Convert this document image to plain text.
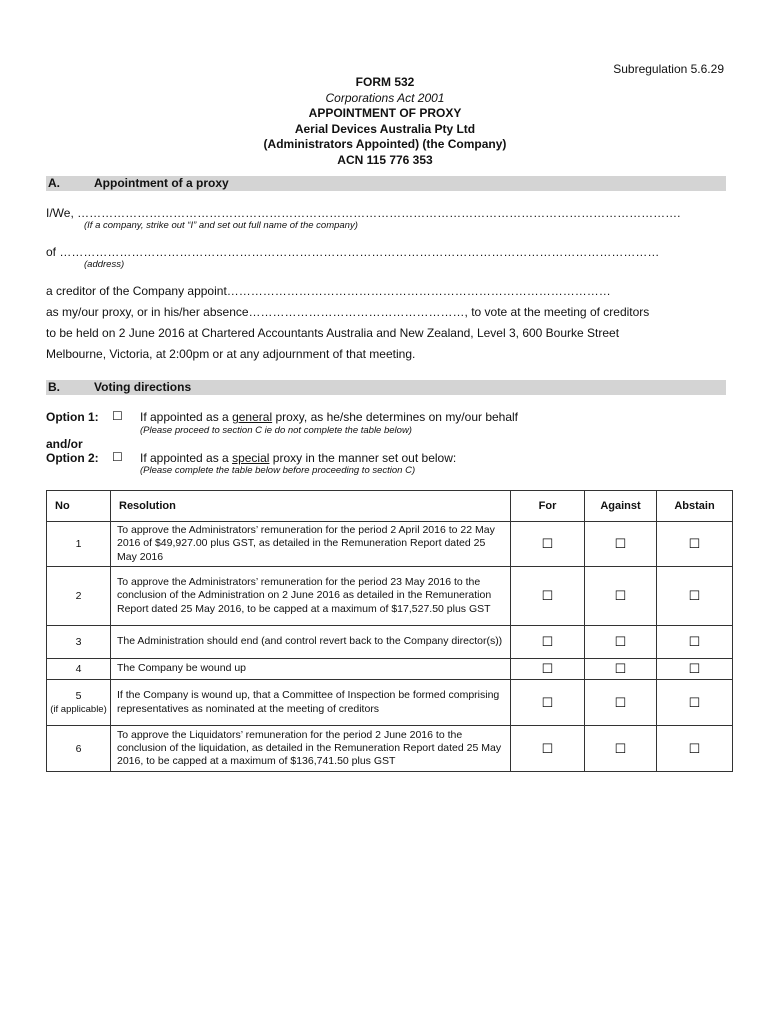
Subregulation 5.6.29
FORM 532
Corporations Act 2001
APPOINTMENT OF PROXY
Aerial Devices Australia Pty Ltd
(Administrators Appointed) (the Company)
ACN 115 776 353
A.	Appointment of a proxy
I/We, …………………………………………………………………………………………………………………………………….
(If a company, strike out “I” and set out full name of the company)
of ……………………………………………………………………………………………………………………………………
(address)
a creditor of the Company appoint……………………………………………………………………………………
as my/our proxy, or in his/her absence………………………………………………, to vote at the meeting of creditors
to be held on 2 June 2016 at Chartered Accountants Australia and New Zealand, Level 3, 600 Bourke Street
Melbourne, Victoria, at 2:00pm or at any adjournment of that meeting.
B.	Voting directions
Option 1: ☐ If appointed as a general proxy, as he/she determines on my/our behalf
(Please proceed to section C ie do not complete the table below)
and/or
Option 2: ☐ If appointed as a special proxy in the manner set out below:
(Please complete the table below before proceeding to section C)
No	Resolution	For	Against	Abstain
1	To approve the Administrators’ remuneration for the period 2 April 2016 to 22 May 2016 of $49,927.00 plus GST, as detailed in the Remuneration Report dated 25 May 2016	☐	☐	☐
2	To approve the Administrators’ remuneration for the period 23 May 2016 to the conclusion of the Administration on 2 June 2016 as detailed in the Remuneration Report dated 25 May 2016, to be capped at a maximum of $17,527.50 plus GST	☐	☐	☐
3	The Administration should end (and control revert back to the Company director(s))	☐	☐	☐
4	The Company be wound up	☐	☐	☐

5
(if applicable)	If the Company is wound up, that a Committee of Inspection be formed comprising representatives as nominated at the meeting of creditors	☐	☐	☐
6	To approve the Liquidators’ remuneration for the period 2 June 2016 to the conclusion of the liquidation, as detailed in the Remuneration Report dated 25 May 2016, to be capped at a maximum of $136,741.50 plus GST	☐	☐	☐
